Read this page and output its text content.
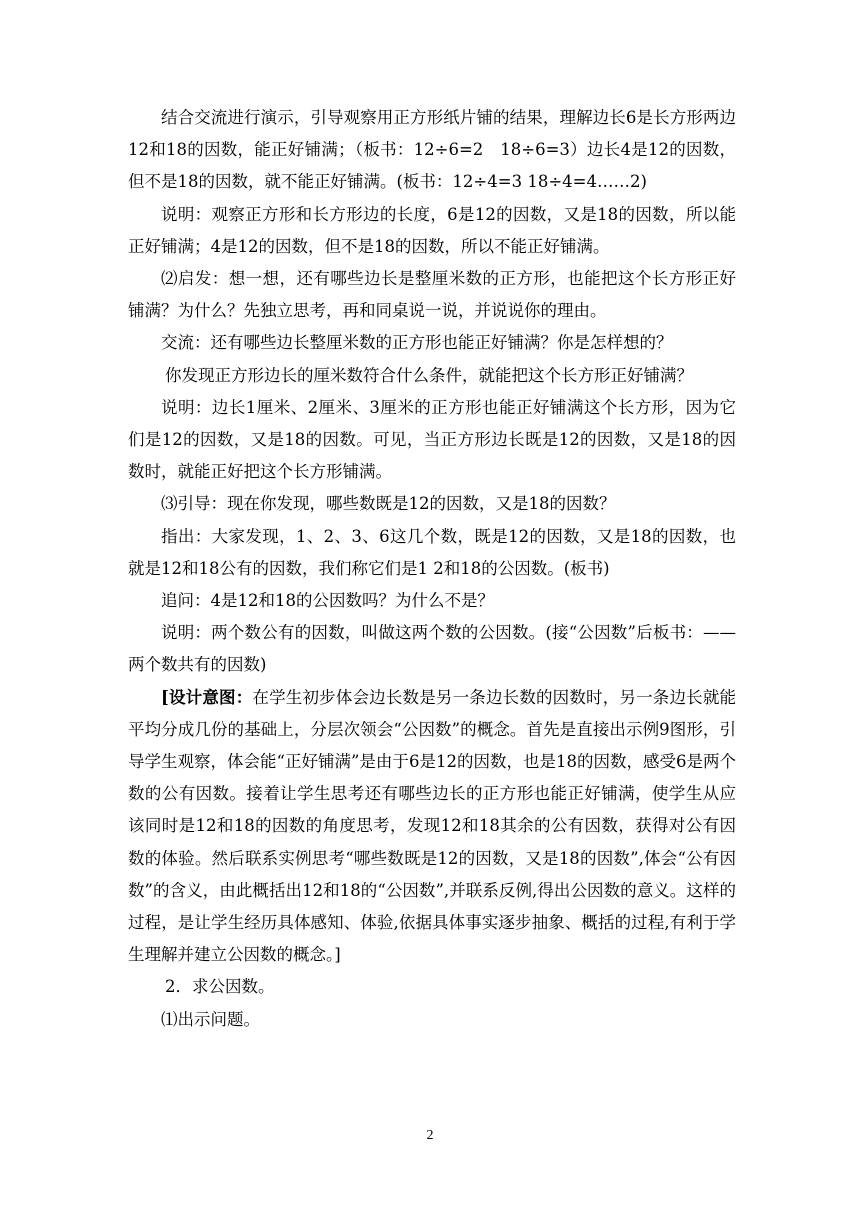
结合交流进行演示，引导观察用正方形纸片铺的结果，理解边长6是长方形两边12和18的因数，能正好铺满；（板书：12÷6=2　18÷6=3）边长4是12的因数，但不是18的因数，就不能正好铺满。(板书：12÷4=3 18÷4=4……2)

说明：观察正方形和长方形边的长度，6是12的因数，又是18的因数，所以能正好铺满；4是12的因数，但不是18的因数，所以不能正好铺满。

⑵启发：想一想，还有哪些边长是整厘米数的正方形，也能把这个长方形正好铺满？为什么？先独立思考，再和同桌说一说，并说说你的理由。

交流：还有哪些边长整厘米数的正方形也能正好铺满？你是怎样想的？

你发现正方形边长的厘米数符合什么条件，就能把这个长方形正好铺满？

说明：边长1厘米、2厘米、3厘米的正方形也能正好铺满这个长方形，因为它们是12的因数，又是18的因数。可见，当正方形边长既是12的因数，又是18的因数时，就能正好把这个长方形铺满。

⑶引导：现在你发现，哪些数既是12的因数，又是18的因数？

指出：大家发现，1、2、3、6这几个数，既是12的因数，又是18的因数，也就是12和18公有的因数，我们称它们是1 2和18的公因数。(板书)

追问：4是12和18的公因数吗？为什么不是？

说明：两个数公有的因数，叫做这两个数的公因数。(接“公因数”后板书：——两个数共有的因数)

[设计意图：在学生初步体会边长数是另一条边长数的因数时，另一条边长就能平均分成几份的基础上，分层次领会“公因数”的概念。首先是直接出示例9图形，引导学生观察，体会能“正好铺满”是由于6是12的因数，也是18的因数，感受6是两个数的公有因数。接着让学生思考还有哪些边长的正方形也能正好铺满，使学生从应该同时是12和18的因数的角度思考，发现12和18其余的公有因数，获得对公有因数的体验。然后联系实例思考“哪些数既是12的因数，又是18的因数”,体会“公有因数”的含义，由此概括出12和18的“公因数”,并联系反例,得出公因数的意义。这样的过程，是让学生经历具体感知、体验,依据具体事实逐步抽象、概括的过程,有利于学生理解并建立公因数的概念。]

2．求公因数。

⑴出示问题。

2
